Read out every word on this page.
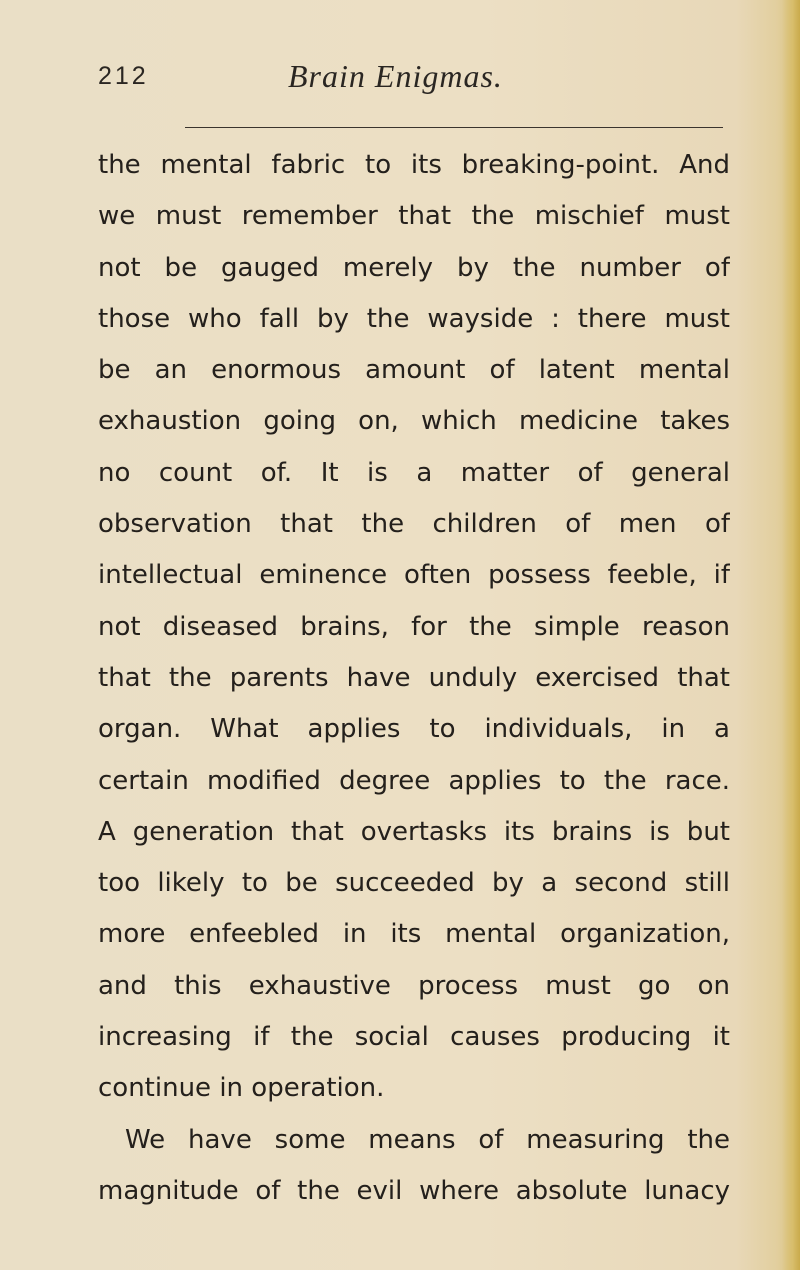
212	Brain Enigmas.
the mental fabric to its breaking-point. And
we must remember that the mischief must
not be gauged merely by the number of
those who fall by the wayside : there must
be an enormous amount of latent mental
exhaustion going on, which medicine takes
no count of. It is a matter of general
observation that the children of men of
intellectual eminence often possess feeble, if
not diseased brains, for the simple reason
that the parents have unduly exercised that
organ. What applies to individuals, in a
certain modified degree applies to the race.
A generation that overtasks its brains is but
too likely to be succeeded by a second still
more enfeebled in its mental organization,
and this exhaustive process must go on
increasing if the social causes producing it
continue in operation.
We have some means of measuring the
magnitude of the evil where absolute lunacy
